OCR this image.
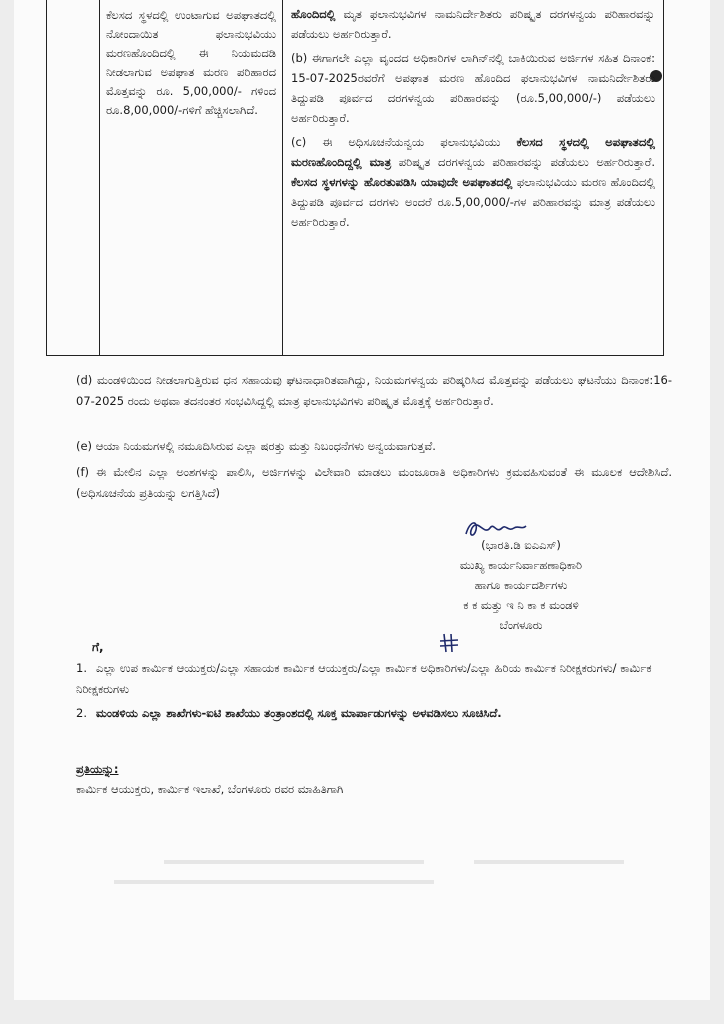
ಕೆಲಸದ ಸ್ಥಳದಲ್ಲಿ ಉಂಟಾಗುವ ಅಪಘಾತದಲ್ಲಿ ನೋಂದಾಯಿತ ಫಲಾನುಭವಿಯು ಮರಣಹೊಂದಿದಲ್ಲಿ ಈ ನಿಯಮದಡಿ ನೀಡಲಾಗುವ ಅಪಘಾತ ಮರಣ ಪರಿಹಾರದ ಮೊತ್ತವನ್ನು ರೂ. 5,00,000/- ಗಳಿಂದ ರೂ.8,00,000/-ಗಳಿಗೆ ಹೆಚ್ಚಿಸಲಾಗಿದೆ.

ಹೊಂದಿದಲ್ಲಿ ಮೃತ ಫಲಾನುಭವಿಗಳ ನಾಮನಿರ್ದೇಶಿತರು ಪರಿಷ್ಕೃತ ದರಗಳನ್ವಯ ಪರಿಹಾರವನ್ನು ಪಡೆಯಲು ಅರ್ಹರಿರುತ್ತಾರೆ.

(b) ಈಗಾಗಲೇ ಎಲ್ಲಾ ವೃಂದದ ಅಧಿಕಾರಿಗಳ ಲಾಗಿನ್‌ನಲ್ಲಿ ಬಾಕಿಯಿರುವ ಅರ್ಜಿಗಳ ಸಹಿತ ದಿನಾಂಕ: 15-07-2025ರವರೆಗೆ ಅಪಘಾತ ಮರಣ ಹೊಂದಿದ ಫಲಾನುಭವಿಗಳ ನಾಮನಿರ್ದೇಶಿತರು ತಿದ್ದುಪಡಿ ಪೂರ್ವದ ದರಗಳನ್ವಯ ಪರಿಹಾರವನ್ನು (ರೂ.5,00,000/-) ಪಡೆಯಲು ಅರ್ಹರಿರುತ್ತಾರೆ.

(c) ಈ ಅಧಿಸೂಚನೆಯನ್ವಯ ಫಲಾನುಭವಿಯು ಕೆಲಸದ ಸ್ಥಳದಲ್ಲಿ ಅಪಘಾತದಲ್ಲಿ ಮರಣಹೊಂದಿದ್ದಲ್ಲಿ ಮಾತ್ರ ಪರಿಷ್ಕೃತ ದರಗಳನ್ವಯ ಪರಿಹಾರವನ್ನು ಪಡೆಯಲು ಅರ್ಹರಿರುತ್ತಾರೆ. ಕೆಲಸದ ಸ್ಥಳಗಳನ್ನು ಹೊರತುಪಡಿಸಿ ಯಾವುದೇ ಅಪಘಾತದಲ್ಲಿ ಫಲಾನುಭವಿಯು ಮರಣ ಹೊಂದಿದಲ್ಲಿ ತಿದ್ದುಪಡಿ ಪೂರ್ವದ ದರಗಳು ಅಂದರೆ ರೂ.5,00,000/-ಗಳ ಪರಿಹಾರವನ್ನು ಮಾತ್ರ ಪಡೆಯಲು ಅರ್ಹರಿರುತ್ತಾರೆ.

(d) ಮಂಡಳಿಯಿಂದ ನೀಡಲಾಗುತ್ತಿರುವ ಧನ ಸಹಾಯವು ಘಟನಾಧಾರಿತವಾಗಿದ್ದು, ನಿಯಮಗಳನ್ವಯ ಪರಿಷ್ಕರಿಸಿದ ಮೊತ್ತವನ್ನು ಪಡೆಯಲು ಘಟನೆಯು ದಿನಾಂಕ:16-07-2025 ರಂದು ಅಥವಾ ತದನಂತರ ಸಂಭವಿಸಿದ್ದಲ್ಲಿ ಮಾತ್ರ ಫಲಾನುಭವಿಗಳು ಪರಿಷ್ಕೃತ ಮೊತ್ತಕ್ಕೆ ಅರ್ಹರಿರುತ್ತಾರೆ.
(e) ಆಯಾ ನಿಯಮಗಳಲ್ಲಿ ನಮೂದಿಸಿರುವ ಎಲ್ಲಾ ಷರತ್ತು ಮತ್ತು ನಿಬಂಧನೆಗಳು ಅನ್ವಯವಾಗುತ್ತವೆ.
(f) ಈ ಮೇಲಿನ ಎಲ್ಲಾ ಅಂಶಗಳನ್ನು ಪಾಲಿಸಿ, ಅರ್ಜಿಗಳನ್ನು ವಿಲೇವಾರಿ ಮಾಡಲು ಮಂಜೂರಾತಿ ಅಧಿಕಾರಿಗಳು ಕ್ರಮವಹಿಸುವಂತೆ ಈ ಮೂಲಕ ಆದೇಶಿಸಿದೆ. (ಅಧಿಸೂಚನೆಯ ಪ್ರತಿಯನ್ನು ಲಗತ್ತಿಸಿದೆ)
(ಭಾರತಿ.ಡಿ ಐಎಎಸ್)
ಮುಖ್ಯ ಕಾರ್ಯನಿರ್ವಾಹಣಾಧಿಕಾರಿ
ಹಾಗೂ ಕಾರ್ಯದರ್ಶಿಗಳು
ಕ ಕ ಮತ್ತು ಇ ನಿ ಕಾ ಕ ಮಂಡಳಿ
ಬೆಂಗಳೂರು
ಗೆ,
1. ಎಲ್ಲಾ ಉಪ ಕಾರ್ಮಿಕ ಆಯುಕ್ತರು/ಎಲ್ಲಾ ಸಹಾಯಕ ಕಾರ್ಮಿಕ ಆಯುಕ್ತರು/ಎಲ್ಲಾ ಕಾರ್ಮಿಕ ಅಧಿಕಾರಿಗಳು/ಎಲ್ಲಾ ಹಿರಿಯ ಕಾರ್ಮಿಕ ನಿರೀಕ್ಷಕರುಗಳು/ ಕಾರ್ಮಿಕ ನಿರೀಕ್ಷಕರುಗಳು
2. ಮಂಡಳಿಯ ಎಲ್ಲಾ ಶಾಖೆಗಳು-ಐಟಿ ಶಾಖೆಯು ತಂತ್ರಾಂಶದಲ್ಲಿ ಸೂಕ್ತ ಮಾರ್ಪಾಡುಗಳನ್ನು ಅಳವಡಿಸಲು ಸೂಚಿಸಿದೆ.
ಪ್ರತಿಯನ್ನು:
ಕಾರ್ಮಿಕ ಆಯುಕ್ತರು, ಕಾರ್ಮಿಕ ಇಲಾಖೆ, ಬೆಂಗಳೂರು ರವರ ಮಾಹಿತಿಗಾಗಿ
